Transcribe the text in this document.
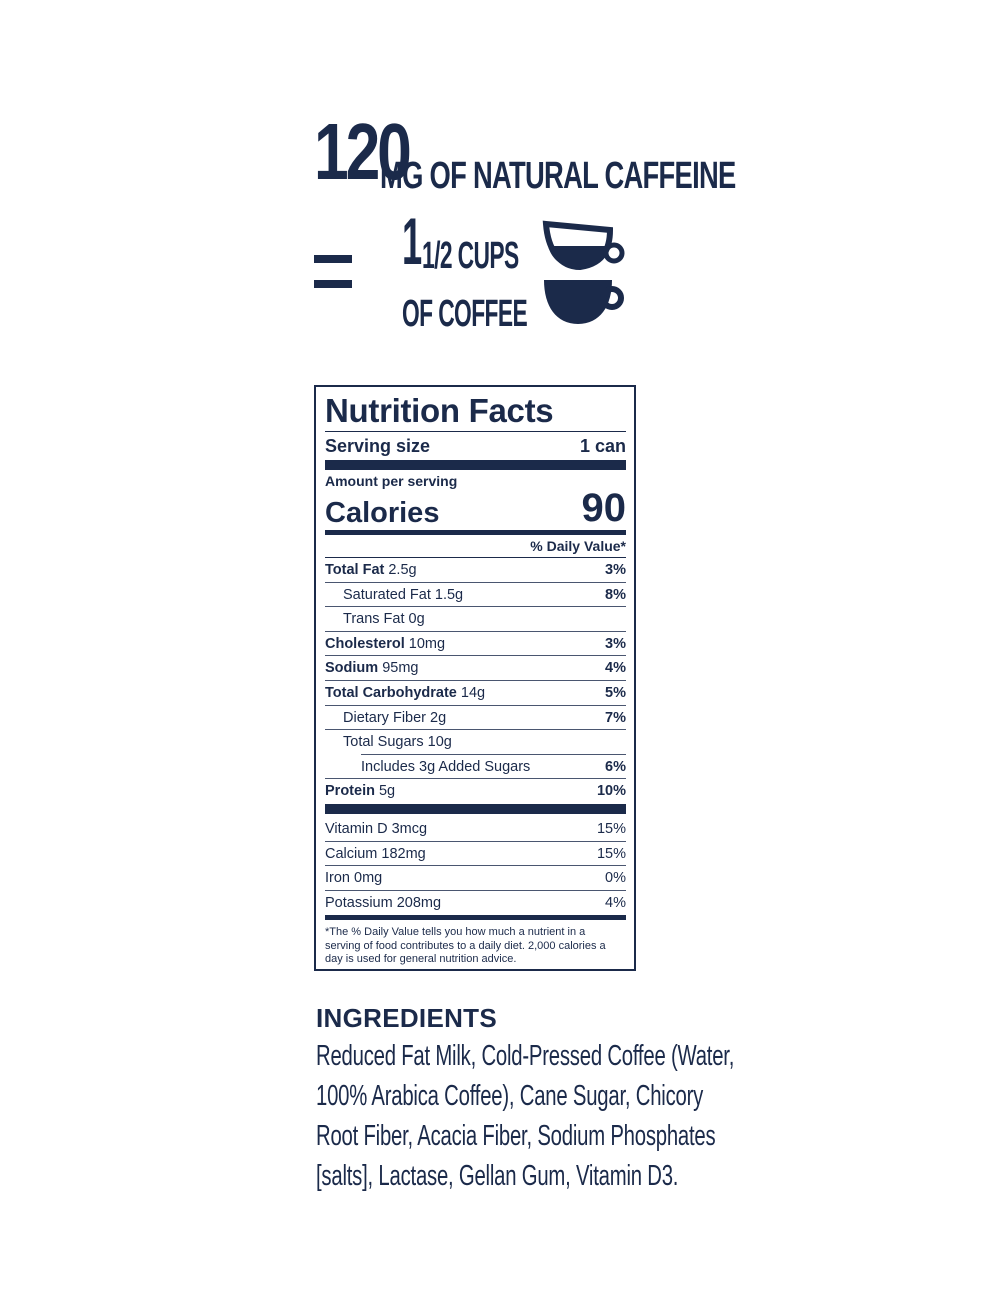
120
MG OF NATURAL CAFFEINE
1 1/2 CUPS
OF COFFEE
Nutrition Facts
Serving size	1 can
Amount per serving
Calories	90
% Daily Value*
Total Fat 2.5g	3%
Saturated Fat 1.5g	8%
Trans Fat 0g
Cholesterol 10mg	3%
Sodium 95mg	4%
Total Carbohydrate 14g	5%
Dietary Fiber 2g	7%
Total Sugars 10g
Includes 3g Added Sugars	6%
Protein 5g	10%
Vitamin D 3mcg	15%
Calcium 182mg	15%
Iron 0mg	0%
Potassium 208mg	4%
*The % Daily Value tells you how much a nutrient in a serving of food contributes to a daily diet. 2,000 calories a day is used for general nutrition advice.
INGREDIENTS
Reduced Fat Milk, Cold-Pressed Coffee (Water,
100% Arabica Coffee), Cane Sugar, Chicory
Root Fiber, Acacia Fiber, Sodium Phosphates
[salts], Lactase, Gellan Gum, Vitamin D3.
